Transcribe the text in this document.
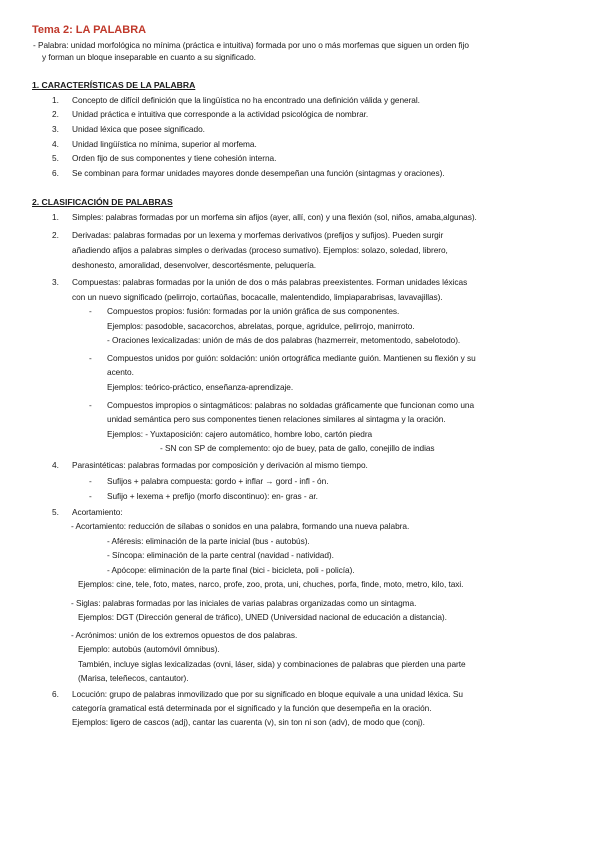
Tema 2: LA PALABRA
- Palabra: unidad morfológica no mínima (práctica e intuitiva) formada por uno o más morfemas que siguen un orden fijo
y forman un bloque inseparable en cuanto a su significado.
1. CARACTERÍSTICAS DE LA PALABRA
1. Concepto de difícil definición que la lingüística no ha encontrado una definición válida y general.
2. Unidad práctica e intuitiva que corresponde a la actividad psicológica de nombrar.
3. Unidad léxica que posee significado.
4. Unidad lingüística no mínima, superior al morfema.
5. Orden fijo de sus componentes y tiene cohesión interna.
6. Se combinan para formar unidades mayores donde desempeñan una función (sintagmas y oraciones).
2. CLASIFICACIÓN DE PALABRAS
1.
2.
3.
4.
5.
6.
-
-
-
-
-
Simples: palabras formadas por un morfema sin afijos (ayer, allí, con) y una flexión (sol, niños, amaba,algunas).
Derivadas: palabras formadas por un lexema y morfemas derivativos (prefijos y sufijos). Pueden surgir
añadiendo afijos a palabras simples o derivadas (proceso sumativo). Ejemplos: solazo, soledad, librero,
deshonesto, amoralidad, desenvolver, descortésmente, peluquería.
Compuestas: palabras formadas por la unión de dos o más palabras preexistentes. Forman unidades léxicas
con un nuevo significado (pelirrojo, cortaúñas, bocacalle, malentendido, limpiaparabrisas, lavavajillas).
Compuestos propios: fusión: formadas por la unión gráfica de sus componentes.
Ejemplos: pasodoble, sacacorchos, abrelatas, porque, agridulce, pelirrojo, manirroto.
- Oraciones lexicalizadas: unión de más de dos palabras (hazmerreir, metomentodo, sabelotodo).
Compuestos unidos por guión: soldación: unión ortográfica mediante guión. Mantienen su flexión y su
acento.
Ejemplos: teórico-práctico, enseñanza-aprendizaje.
Compuestos impropios o sintagmáticos: palabras no soldadas gráficamente que funcionan como una
unidad semántica pero sus componentes tienen relaciones similares al sintagma y la oración.
Ejemplos: - Yuxtaposición: cajero automático, hombre lobo, cartón piedra
- SN con SP de complemento: ojo de buey, pata de gallo, conejillo de indias
Parasintéticas: palabras formadas por composición y derivación al mismo tiempo.
Sufijos + palabra compuesta: gordo + inflar → gord - infl - ón.
Sufijo + lexema + prefijo (morfo discontinuo): en- gras - ar.
Acortamiento:
- Acortamiento: reducción de sílabas o sonidos en una palabra, formando una nueva palabra.
- Aféresis: eliminación de la parte inicial (bus - autobús).
- Síncopa: eliminación de la parte central (navidad - natividad).
- Apócope: eliminación de la parte final (bici - bicicleta, poli - policía).
Ejemplos: cine, tele, foto, mates, narco, profe, zoo, prota, uni, chuches, porfa, finde, moto, metro, kilo, taxi.
- Siglas: palabras formadas por las iniciales de varias palabras organizadas como un sintagma.
Ejemplos: DGT (Dirección general de tráfico), UNED (Universidad nacional de educación a distancia).
- Acrónimos: unión de los extremos opuestos de dos palabras.
Ejemplo: autobús (automóvil ómnibus).
También, incluye siglas lexicalizadas (ovni, láser, sida) y combinaciones de palabras que pierden una parte
(Marisa, teleñecos, cantautor).
Locución: grupo de palabras inmovilizado que por su significado en bloque equivale a una unidad léxica. Su
categoría gramatical está determinada por el significado y la función que desempeña en la oración.
Ejemplos: ligero de cascos (adj), cantar las cuarenta (v), sin ton ni son (adv), de modo que (conj).
